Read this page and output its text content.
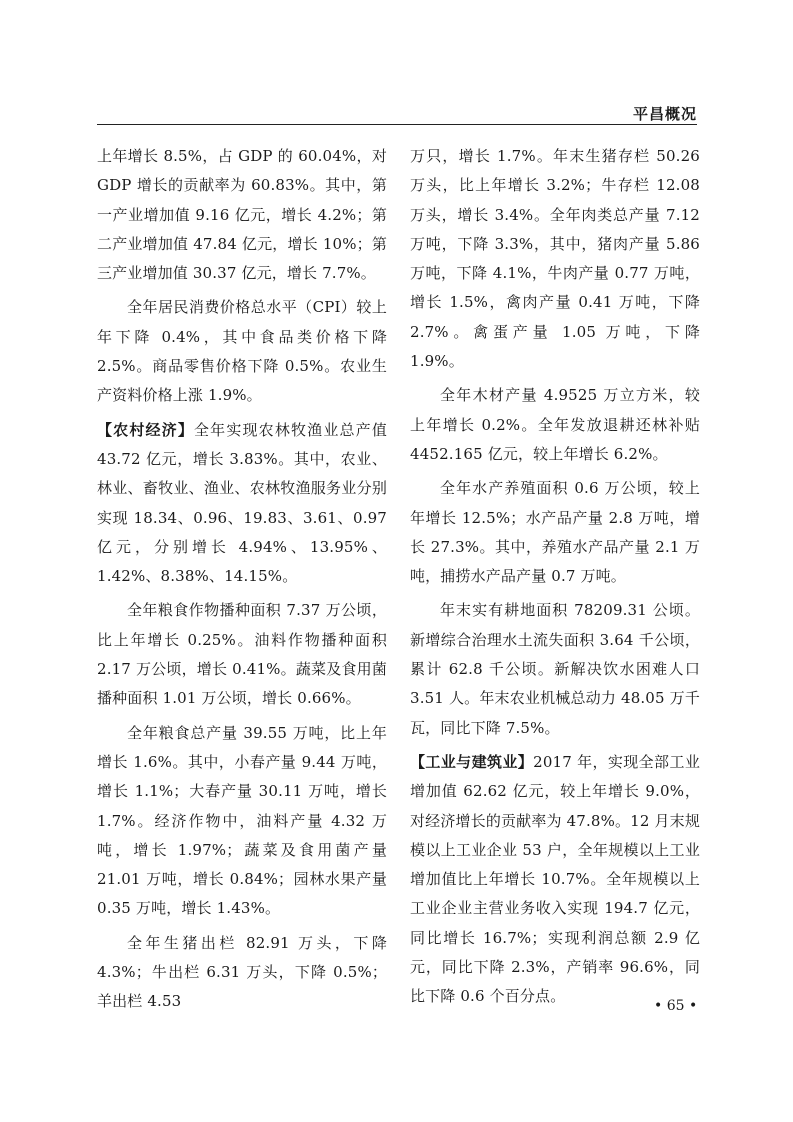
平昌概况

上年增长 8.5%，占 GDP 的 60.04%，对 GDP 增长的贡献率为 60.83%。其中，第一产业增加值 9.16 亿元，增长 4.2%；第二产业增加值 47.84 亿元，增长 10%；第三产业增加值 30.37 亿元，增长 7.7%。

全年居民消费价格总水平（CPI）较上年下降 0.4%，其中食品类价格下降 2.5%。商品零售价格下降 0.5%。农业生产资料价格上涨 1.9%。

【农村经济】全年实现农林牧渔业总产值 43.72 亿元，增长 3.83%。其中，农业、林业、畜牧业、渔业、农林牧渔服务业分别实现 18.34、0.96、19.83、3.61、0.97 亿元，分别增长 4.94%、13.95%、1.42%、8.38%、14.15%。

全年粮食作物播种面积 7.37 万公顷，比上年增长 0.25%。油料作物播种面积 2.17 万公顷，增长 0.41%。蔬菜及食用菌播种面积 1.01 万公顷，增长 0.66%。

全年粮食总产量 39.55 万吨，比上年增长 1.6%。其中，小春产量 9.44 万吨，增长 1.1%；大春产量 30.11 万吨，增长 1.7%。经济作物中，油料产量 4.32 万吨，增长 1.97%；蔬菜及食用菌产量 21.01 万吨，增长 0.84%；园林水果产量 0.35 万吨，增长 1.43%。

全年生猪出栏 82.91 万头，下降 4.3%；牛出栏 6.31 万头，下降 0.5%；羊出栏 4.53

万只，增长 1.7%。年末生猪存栏 50.26 万头，比上年增长 3.2%；牛存栏 12.08 万头，增长 3.4%。全年肉类总产量 7.12 万吨，下降 3.3%，其中，猪肉产量 5.86 万吨，下降 4.1%，牛肉产量 0.77 万吨，增长 1.5%，禽肉产量 0.41 万吨，下降 2.7%。禽蛋产量 1.05 万吨，下降 1.9%。

全年木材产量 4.9525 万立方米，较上年增长 0.2%。全年发放退耕还林补贴 4452.165 亿元，较上年增长 6.2%。

全年水产养殖面积 0.6 万公顷，较上年增长 12.5%；水产品产量 2.8 万吨，增长 27.3%。其中，养殖水产品产量 2.1 万吨，捕捞水产品产量 0.7 万吨。

年末实有耕地面积 78209.31 公顷。新增综合治理水土流失面积 3.64 千公顷，累计 62.8 千公顷。新解决饮水困难人口 3.51 人。年末农业机械总动力 48.05 万千瓦，同比下降 7.5%。

【工业与建筑业】2017 年，实现全部工业增加值 62.62 亿元，较上年增长 9.0%，对经济增长的贡献率为 47.8%。12 月末规模以上工业企业 53 户，全年规模以上工业增加值比上年增长 10.7%。全年规模以上工业企业主营业务收入实现 194.7 亿元，同比增长 16.7%；实现利润总额 2.9 亿元，同比下降 2.3%，产销率 96.6%，同比下降 0.6 个百分点。

• 65 •
